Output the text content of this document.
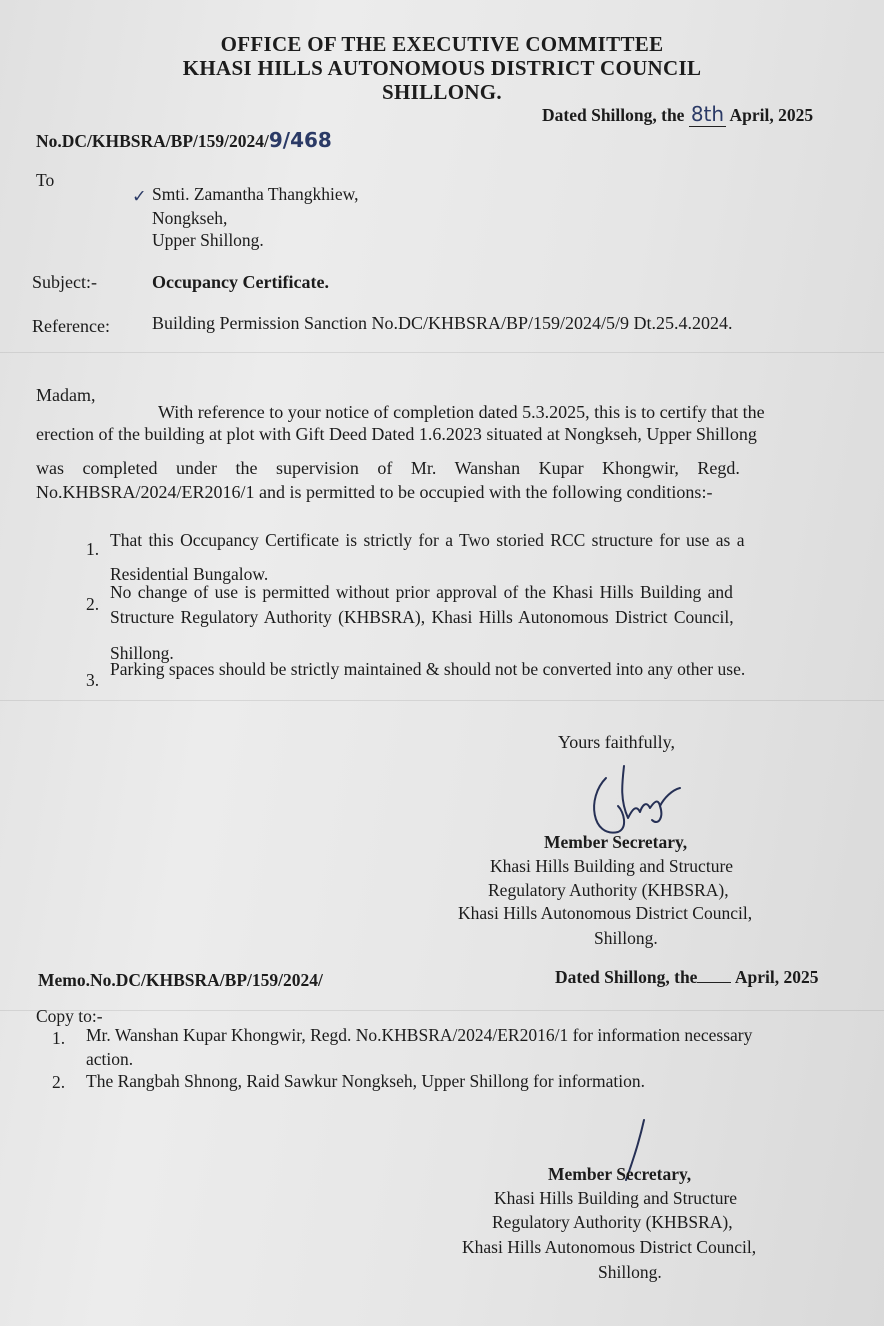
OFFICE OF THE EXECUTIVE COMMITTEE
KHASI HILLS AUTONOMOUS DISTRICT COUNCIL
SHILLONG.
No.DC/KHBSRA/BP/159/2024/9/468
Dated Shillong, the 8th April, 2025
To
✓ Smti. Zamantha Thangkhiew,
Nongkseh,
Upper Shillong.
Subject:-	Occupancy Certificate.
Reference: Building Permission Sanction No.DC/KHBSRA/BP/159/2024/5/9 Dt.25.4.2024.
Madam,
With reference to your notice of completion dated 5.3.2025, this is to certify that the
erection of the building at plot with Gift Deed Dated 1.6.2023 situated at Nongkseh, Upper Shillong
was completed under the supervision of Mr. Wanshan Kupar Khongwir, Regd.
No.KHBSRA/2024/ER2016/1 and is permitted to be occupied with the following conditions:-
1. That this Occupancy Certificate is strictly for a Two storied RCC structure for use as a
Residential Bungalow.
2.
No change of use is permitted without prior approval of the Khasi Hills Building and
Structure Regulatory Authority (KHBSRA), Khasi Hills Autonomous District Council,
Shillong.
3.
Parking spaces should be strictly maintained & should not be converted into any other use.
Yours faithfully,
Member Secretary,
Khasi Hills Building and Structure
Regulatory Authority (KHBSRA),
Khasi Hills Autonomous District Council,
Shillong.
Memo.No.DC/KHBSRA/BP/159/2024/	Dated Shillong, the April, 2025
Copy to:-
1. Mr. Wanshan Kupar Khongwir, Regd. No.KHBSRA/2024/ER2016/1 for information necessary
action.
2. The Rangbah Shnong, Raid Sawkur Nongkseh, Upper Shillong for information.
Member Secretary,
Khasi Hills Building and Structure
Regulatory Authority (KHBSRA),
Khasi Hills Autonomous District Council,
Shillong.
